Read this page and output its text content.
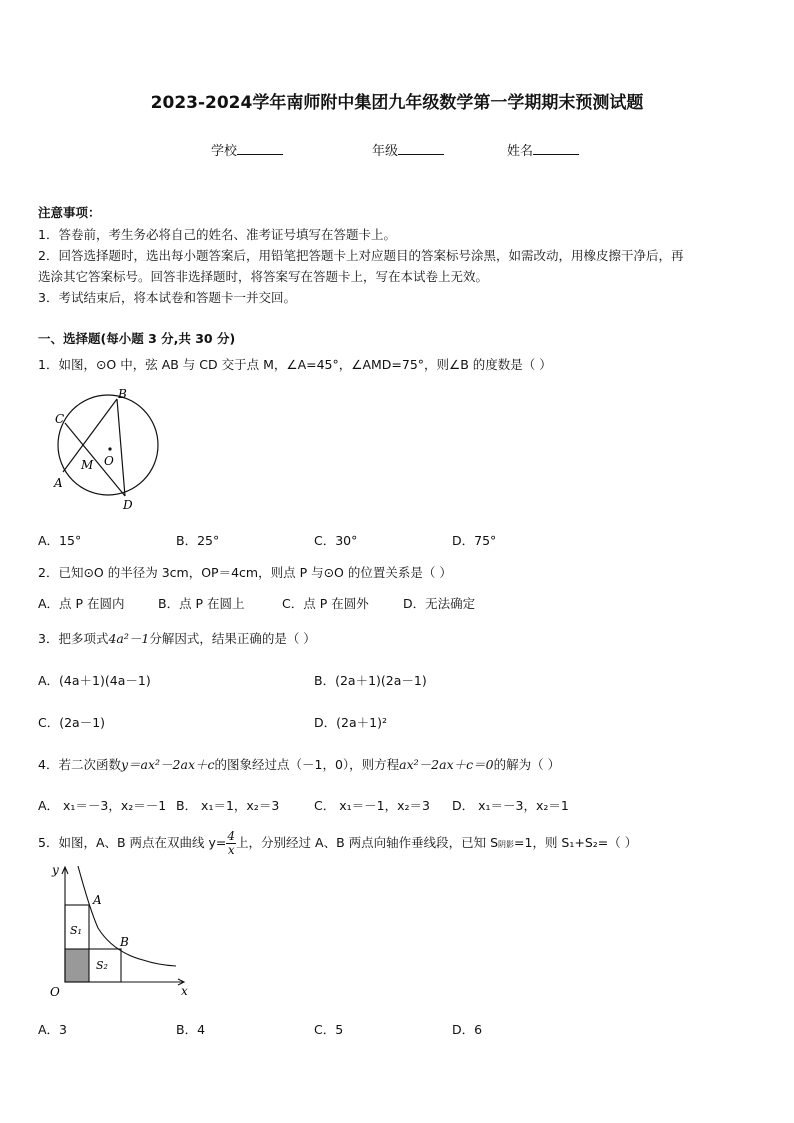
2023-2024学年南师附中集团九年级数学第一学期期末预测试题
学校	年级	姓名
注意事项：
1．答卷前，考生务必将自己的姓名、准考证号填写在答题卡上。
2．回答选择题时，选出每小题答案后，用铅笔把答题卡上对应题目的答案标号涂黑，如需改动，用橡皮擦干净后，再
选涂其它答案标号。回答非选择题时，将答案写在答题卡上，写在本试卷上无效。
3．考试结束后，将本试卷和答题卡一并交回。
一、选择题(每小题 3 分,共 30 分)
1．如图，⊙O 中，弦 AB 与 CD 交于点 M，∠A=45°，∠AMD=75°，则∠B 的度数是（ ）
B
C
O
M
A
D
A．15°	B．25°	C．30°	D．75°
2．已知⊙O 的半径为 3cm，OP＝4cm，则点 P 与⊙O 的位置关系是（ ）
A．点 P 在圆内	B．点 P 在圆上	C．点 P 在圆外	D．无法确定
3．把多项式4a²－1分解因式，结果正确的是（ ）
A．(4a＋1)(4a－1)	B．(2a＋1)(2a－1)
C．(2a－1)	D．(2a＋1)²
4．若二次函数y＝ax²－2ax＋c的图象经过点（－1，0），则方程ax²－2ax＋c＝0的解为（ ）
A． x₁＝－3，x₂＝－1 B． x₁＝1，x₂＝3	C． x₁＝－1，x₂＝3 D． x₁＝－3，x₂＝1
5．如图，A、B 两点在双曲线 $y= \frac{4}{x}$ 上，分别经过 A、B 两点向轴作垂线段，已知 S阴影=1，则 S₁+S₂=（ ）
y
x
O
A
B
S₁
S₂
A．3	B．4	C．5	D．6
